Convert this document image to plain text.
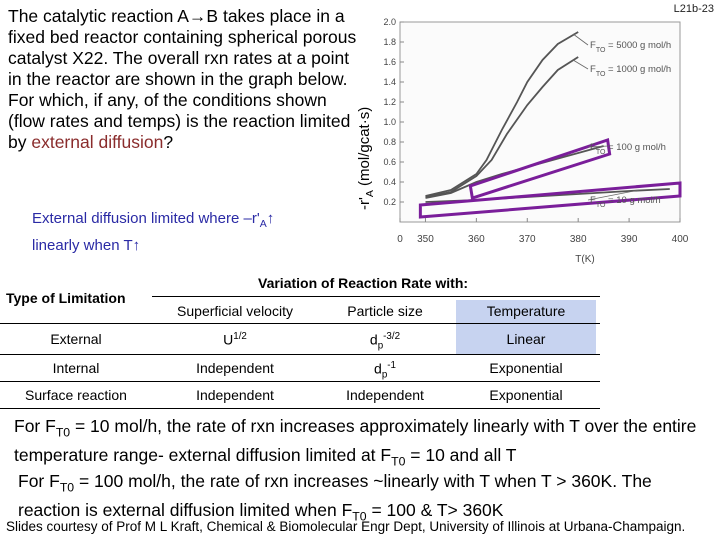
L21b-23
The catalytic reaction A→B takes place in a fixed bed reactor containing spherical porous catalyst X22. The overall rxn rates at a point in the reactor are shown in the graph below. For which, if any, of the conditions shown (flow rates and temps) is the reaction limited by external diffusion?
$-r'_A$ (mol/gcat·s)
0.2
0.4
0.6
0.8
1.0
1.2
1.4
1.6
1.8
2.0
0 350	360	370	380	390	400
T(K)
$F_{TO} = 5000$ g mol/h
$F_{TO} = 1000$ g mol/h
$F_{TO} = 100$ g mol/h
$F_{TO} = 10$ g mol/h
External diffusion limited where $-r'_A↑$
linearly when T↑
Variation of Reaction Rate with:
Type of Limitation
Superficial velocity	Particle size	Temperature
External	$U^{1/2}$	$d_p^{-3/2}$	Linear
Internal	Independent	$d_p^{-1}$	Exponential
Surface reaction	Independent	Independent	Exponential
For $F_{T0} = 10$ mol/h, the rate of rxn increases approximately linearly with T over the entire temperature range- external diffusion limited at $F_{T0} = 10$ and all T
For $F_{T0} = 100$ mol/h, the rate of rxn increases ~linearly with T when T > 360K. The reaction is external diffusion limited when $F_{T0} = 100$ & T> 360K
Slides courtesy of Prof M L Kraft, Chemical & Biomolecular Engr Dept, University of Illinois at Urbana-Champaign.
